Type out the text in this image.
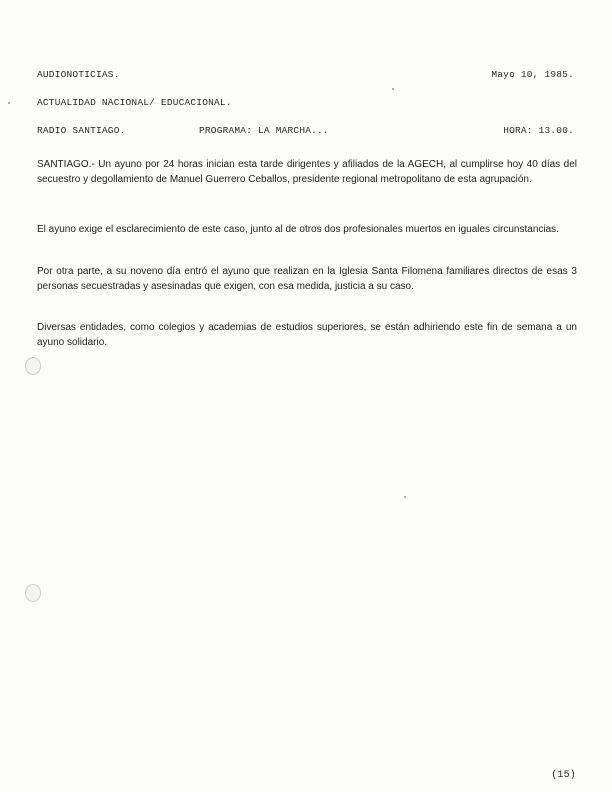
AUDIONOTICIAS.	Mayo 10, 1985.
ACTUALIDAD NACIONAL/ EDUCACIONAL.
RADIO SANTIAGO.	PROGRAMA: LA MARCHA...	HORA: 13.00.

SANTIAGO.- Un ayuno por 24 horas inician esta tarde dirigentes y afiliados de la AGECH, al cumplirse hoy 40 días del secuestro y degollamiento de Manuel Guerrero Ceballos, presidente regional metropolitano de esta agrupación.

El ayuno exige el esclarecimiento de este caso, junto al de otros dos profesionales muertos en iguales circunstancias.

Por otra parte, a su noveno día entró el ayuno que realizan en la Iglesia Santa Filomena familiares directos de esas 3 personas secuestradas y asesinadas que exigen, con esa medida, justicia a su caso.

Diversas entidades, como colegios y academias de estudios superiores, se están adhiriendo este fin de semana a un ayuno solidario.

(15)
